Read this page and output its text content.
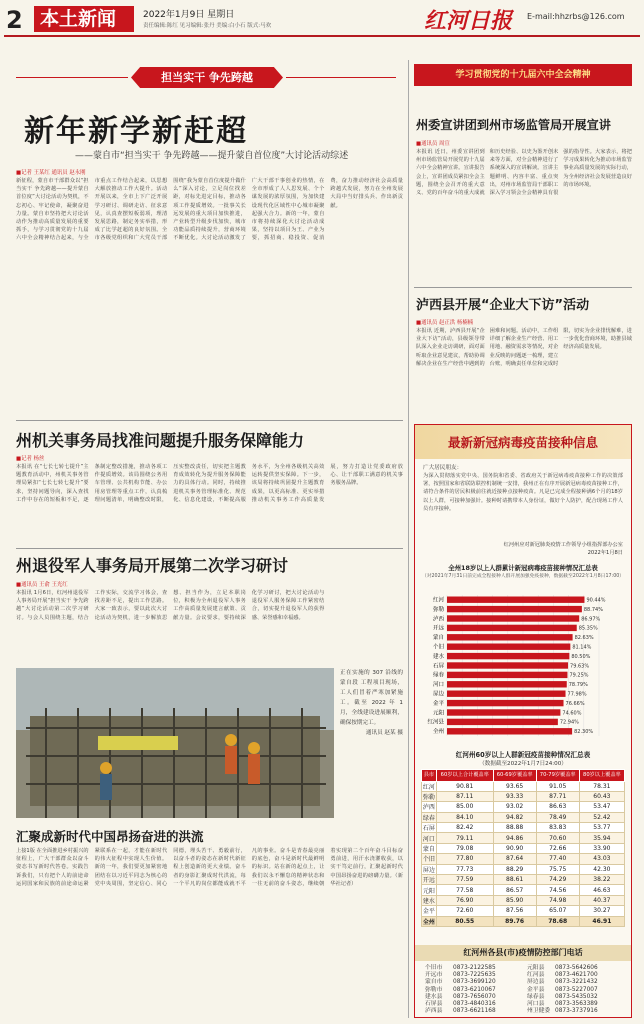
2 本土新闻	2022年1月9日 星期日
责任编辑:陈红 见习编辑:张丹 美编:白小石 版式:马欢	红河日报 E-mail:hhzrbs@126.com
担当实干 争先跨越
新年新学新赶超
——蒙自市“担当实干 争先跨越——提升蒙自首位度”大讨论活动综述
■记者 王某红 通讯员 赵永刚
新征程，蒙自市干部群众以“担当实干 争先跨越——提升蒙自首位度”大讨论活动为契机，不忘初心、牢记使命，凝聚奋进力量。蒙自市坚持把大讨论活动作为推动高质量发展的重要抓手，与学习贯彻党的十九届六中全会精神结合起来，与全市重点工作结合起来，以思想大解放推动工作大提升。活动开展以来，全市上下广泛开展学习研讨、调研走访、征求意见，认真查摆短板弱项，理清发展思路，制定务实举措，形成了比学赶超的良好氛围。全市各级党组织和广大党员干部围绕“我为蒙自首位度提升做什么”深入讨论，立足岗位找差距，对标先进定目标，推动各项工作提质增效。一批事关长远发展的重大项目加快推进，产业转型升级步伐加快，城市功能品质持续提升，营商环境不断优化。大讨论活动激发了广大干部干事创业的热情，在全市形成了人人思发展、个个谋发展的浓厚氛围，为加快建设现代化区域性中心城市凝聚起强大合力。新的一年，蒙自市将持续深化大讨论活动成果，坚持以项目为王、产业为要，抓招商、稳投资、促消费，奋力推动经济社会高质量跨越式发展，努力在全州发展大局中当好排头兵、作出新贡献。
州机关事务局找准问题提升服务保障能力
■记者 杨丝
本报讯 在“七长七转七提升”主题教育活动中，州机关事务管理局紧扣“七长七转七提升”要求，坚持问题导向，深入查找工作中存在的短板和不足，逐条制定整改措施，推动各项工作提质增效。该局围绕公务用车管理、公共机构节能、办公用房管理等重点工作，认真梳理问题清单，明确整改时限，压实整改责任，切实把主题教育成效转化为提升服务保障能力的具体行动。同时，持续推进机关事务管理标准化、规范化、信息化建设，不断提高服务水平，为全州各级机关高效运转提供坚实保障。下一步，该局将持续巩固提升主题教育成果，以更高标准、更实举措推动机关事务工作高质量发展，努力打造让党委政府放心、让干部职工满意的机关事务服务品牌。
州退役军人事务局开展第二次学习研讨
■通讯员 王俞 王光红
本报讯 1月6日，红河州退役军人事务局开展“担当实干 争先跨越”大讨论活动第二次学习研讨。与会人员围绕主题，结合工作实际，交流学习体会，查找差距不足，提出工作思路。大家一致表示，要以此次大讨论活动为契机，进一步解放思想、担当作为，立足本职岗位，积极为全州退役军人事务工作高质量发展建言献策、贡献力量。会议要求，要持续深化学习研讨，把大讨论活动与退役军人服务保障工作紧密结合，切实提升退役军人的获得感、荣誉感和幸福感。
正在实施的 307 沿线的 蒙自段 工程项目现场，工人们冒着严寒加紧施工。截至 2022 年 1 月，全线建设进展顺利，确保按期完工。

通讯员 赵某 摄
汇聚成新时代中国昂扬奋进的洪流
上接1版 在全面推进乡村振兴的征程上，广大干部群众以奋斗姿态书写新时代答卷。实践告诉我们，只有把个人的前途命运同国家和民族的前途命运紧紧联系在一起，才能在新时代的伟大征程中实现人生价值。新的一年，我们要更加紧密地团结在以习近平同志为核心的党中央周围，坚定信心、同心同德，埋头苦干、勇毅前行，以奋斗者的姿态在新时代新征程上创造新的更大业绩。奋斗者的身影汇聚成时代洪流，每一个平凡的岗位都能成就不平凡的事业。奋斗是青春最亮丽的底色，奋斗是新时代最鲜明的标识。站在新的起点上，让我们以永不懈怠的精神状态和一往无前的奋斗姿态，继续朝着实现第二个百年奋斗目标奋勇前进，用汗水浇灌收获，以实干笃定前行，汇聚起新时代中国昂扬奋进的磅礴力量。（新华社记者）
学习贯彻党的十九届六中全会精神
州委宣讲团到州市场监管局开展宣讲
■通讯员 周宣
本报讯 近日，州委宣讲团到州市场监管局开展党的十九届六中全会精神宣讲。宣讲报告会上，宣讲团成员紧扣全会主题，围绕全会召开的重大意义、党的百年奋斗的重大成就和历史经验、以史为鉴开创未来等方面，对全会精神进行了系统深入的宣讲解读。宣讲主题鲜明、内容丰富、重点突出，对州市场监管局干部职工深入学习领会全会精神具有很强的指导性。大家表示，将把学习成果转化为推动市场监管事业高质量发展的实际行动，为全州经济社会发展营造良好的市场环境。
泸西县开展“企业大下访”活动
■通讯员 赵正洪 杨楠楠
本报讯 近期，泸西县开展“企业大下访”活动，县级领导带队深入企业走访调研，面对面听取企业意见建议，帮助协调解决企业在生产经营中遇到的困难和问题。活动中，工作组详细了解企业生产经营、用工用地、融资需求等情况，对企业反映的问题逐一梳理，建立台账，明确责任单位和完成时限，切实为企业排忧解难，进一步优化营商环境，助推县域经济高质量发展。
最新新冠病毒疫苗接种信息
广大居民朋友：
为深入贯彻落实党中央、国务院和省委、省政府关于新冠病毒疫苗接种工作的决策部署，按照国家和省联防联控机制统一安排，我州正在有序开展新冠病毒疫苗接种工作，请符合条件的居民积极前往就近接种点接种疫苗。凡是已完成全程接种满6个月的18岁以上人群，可接种加强针。接种时请携带本人身份证，做好个人防护，配合现场工作人员有序接种。
红河州应对新冠肺炎疫情工作领导小组指挥部办公室
2022年1月8日
全州18岁以上人群累计新冠病毒疫苗接种情况汇总表
（对2021年7月31日前完成全程接种人群开展加强免疫接种，数据截至2022年1月8日17:00）
红河	90.44%
弥勒	88.74%
泸西	86.97%
开远	85.35%
蒙自	82.63%
个旧	81.14%
建水	80.50%
石屏	79.63%
绿春	79.25%
河口	78.79%
屏边	77.98%
金平	76.66%
元阳	74.60%
红河县	72.94%
全州	82.30%
红河州60岁以上人群新冠疫苗接种情况汇总表
（数据截至2022年1月7日24:00）
县市	60岁以上合计覆盖率	60-69岁覆盖率	70-79岁覆盖率	80岁以上覆盖率
红河	90.81	93.65	91.05	78.31
弥勒	87.11	93.33	87.71	60.43
泸西	85.00	93.02	86.63	53.47
绿春	84.10	94.82	78.49	52.42
石屏	82.42	88.88	83.83	53.77
河口	79.11	94.86	70.60	35.94
蒙自	79.08	90.90	72.66	33.90
个旧	77.80	87.64	77.40	43.03
屏边	77.73	88.29	75.75	42.30
开远	77.59	88.61	74.29	38.22
元阳	77.58	86.57	74.56	46.63
建水	76.90	85.90	74.98	40.37
金平	72.60	87.56	65.07	30.27
全州	80.55	89.76	78.68	46.91
红河州各县(市)疫情防控部门电话
个旧市 0873-2122585
开远市 0873-7225635
蒙自市 0873-3699120
弥勒市 0873-6210067
建水县 0873-7656070
石屏县 0873-4840316
泸西县 0873-6621168
元阳县 0873-5642606
红河县 0873-4621700
屏边县 0873-3221432
金平县 0873-5227007
绿春县 0873-5435032
河口县 0873-3563389
州卫健委 0873-3737916
